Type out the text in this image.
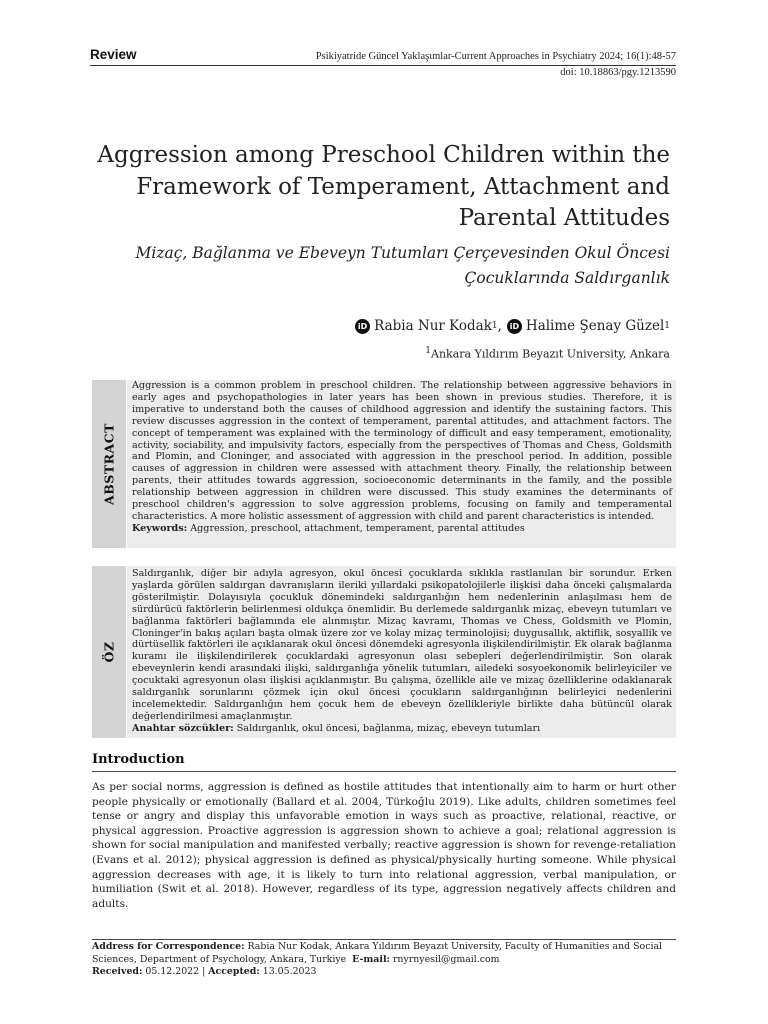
Review	Psikiyatride Güncel Yaklaşımlar-Current Approaches in Psychiatry 2024; 16(1):48-57
doi: 10.18863/pgy.1213590
Aggression among Preschool Children within the
Framework of Temperament, Attachment and
Parental Attitudes
Mizaç, Bağlanma ve Ebeveyn Tutumları Çerçevesinden Okul Öncesi
Çocuklarında Saldırganlık
iD Rabia Nur Kodak 1 , iD Halime Şenay Güzel 1
$^1$Ankara Yıldırım Beyazıt University, Ankara
ABSTRACT

Aggression is a common problem in preschool children. The relationship between aggressive behaviors in early ages and psychopathologies in later years has been shown in previous studies. Therefore, it is imperative to understand both the causes of childhood aggression and identify the sustaining factors. This review discusses aggression in the context of temperament, parental attitudes, and attachment factors. The concept of temperament was explained with the terminology of difficult and easy temperament, emotionality, activity, sociability, and impulsivity factors, especially from the perspectives of Thomas and Chess, Goldsmith and Plomin, and Cloninger, and associated with aggression in the preschool period. In addition, possible causes of aggression in children were assessed with attachment theory. Finally, the relationship between parents, their attitudes towards aggression, socioeconomic determinants in the family, and the possible relationship between aggression in children were discussed. This study examines the determinants of preschool children's aggression to solve aggression problems, focusing on family and temperamental characteristics. A more holistic assessment of aggression with child and parent characteristics is intended.

Keywords: Aggression, preschool, attachment, temperament, parental attitudes

ÖZ

Saldırganlık, diğer bir adıyla agresyon, okul öncesi çocuklarda sıklıkla rastlanılan bir sorundur. Erken yaşlarda görülen saldırgan davranışların ileriki yıllardaki psikopatolojilerle ilişkisi daha önceki çalışmalarda gösterilmiştir. Dolayısıyla çocukluk dönemindeki saldırganlığın hem nedenlerinin anlaşılması hem de sürdürücü faktörlerin belirlenmesi oldukça önemlidir. Bu derlemede saldırganlık mizaç, ebeveyn tutumları ve bağlanma faktörleri bağlamında ele alınmıştır. Mizaç kavramı, Thomas ve Chess, Goldsmith ve Plomin, Cloninger'in bakış açıları başta olmak üzere zor ve kolay mizaç terminolojisi; duygusallık, aktiflik, sosyallik ve dürtüsellik faktörleri ile açıklanarak okul öncesi dönemdeki agresyonla ilişkilendirilmiştir. Ek olarak bağlanma kuramı ile ilişkilendirilerek çocuklardaki agresyonun olası sebepleri değerlendirilmiştir. Son olarak ebeveynlerin kendi arasındaki ilişki, saldırganlığa yönelik tutumları, ailedeki sosyoekonomik belirleyiciler ve çocuktaki agresyonun olası ilişkisi açıklanmıştır. Bu çalışma, özellikle aile ve mizaç özelliklerine odaklanarak saldırganlık sorunlarını çözmek için okul öncesi çocukların saldırganlığının belirleyici nedenlerini incelemektedir. Saldırganlığın hem çocuk hem de ebeveyn özellikleriyle birlikte daha bütüncül olarak değerlendirilmesi amaçlanmıştır.

Anahtar sözcükler: Saldırganlık, okul öncesi, bağlanma, mizaç, ebeveyn tutumları

Introduction

As per social norms, aggression is defined as hostile attitudes that intentionally aim to harm or hurt other people physically or emotionally (Ballard et al. 2004, Türkoğlu 2019). Like adults, children sometimes feel tense or angry and display this unfavorable emotion in ways such as proactive, relational, reactive, or physical aggression. Proactive aggression is aggression shown to achieve a goal; relational aggression is shown for social manipulation and manifested verbally; reactive aggression is shown for revenge-retaliation (Evans et al. 2012); physical aggression is defined as physical/physically hurting someone. While physical aggression decreases with age, it is likely to turn into relational aggression, verbal manipulation, or humiliation (Swit et al. 2018). However, regardless of its type, aggression negatively affects children and adults.

Address for Correspondence: Rabia Nur Kodak, Ankara Yıldırım Beyazıt University, Faculty of Humanities and Social Sciences, Department of Psychology, Ankara, Turkiye E-mail: rnyrnyesil@gmail.com
Received: 05.12.2022 | Accepted: 13.05.2023
